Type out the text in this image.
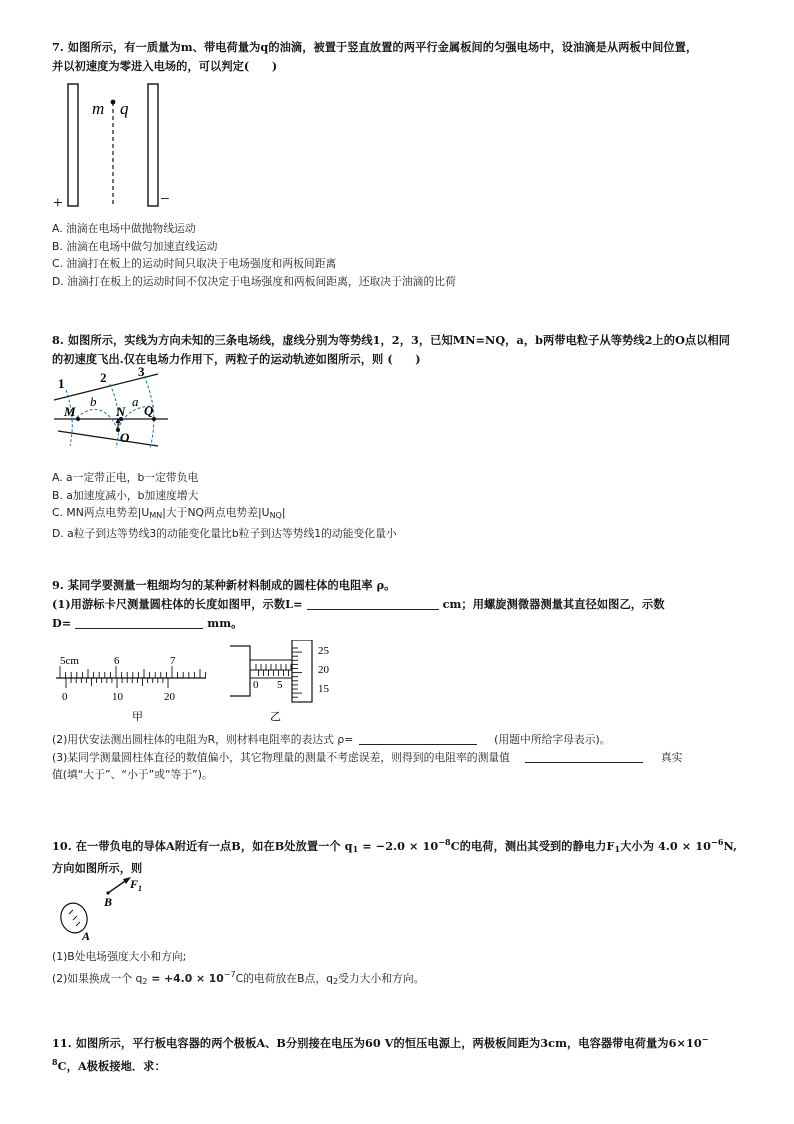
7. 如图所示，有一质量为m、带电荷量为q的油滴，被置于竖直放置的两平行金属板间的匀强电场中，设油滴是从两板中间位置，
并以初速度为零进入电场的，可以判定(　　)
m q
+	−
A. 油滴在电场中做抛物线运动
B. 油滴在电场中做匀加速直线运动
C. 油滴打在板上的运动时间只取决于电场强度和两板间距离
D. 油滴打在板上的运动时间不仅决定于电场强度和两板间距离，还取决于油滴的比荷
8. 如图所示，实线为方向未知的三条电场线，虚线分别为等势线1，2，3，已知MN=NQ，a，b两带电粒子从等势线2上的O点以相同
的初速度飞出.仅在电场力作用下，两粒子的运动轨迹如图所示，则 (　　)
1	2 3
M	N Q
O
a
b
A. a一定带正电，b一定带负电
B. a加速度减小，b加速度增大
C. MN两点电势差$|U_{MN}|$大于NQ两点电势差$|U_{NQ}|$
D. a粒子到达等势线3的动能变化量比b粒子到达等势线1的动能变化量小
9. 某同学要测量一粗细均匀的某种新材料制成的圆柱体的电阻率 ρ。
(1)用游标卡尺测量圆柱体的长度如图甲，示数L=	cm；用螺旋测微器测量其直径如图乙，示数
D=	mm。
5cm	6	7
0	10	20
甲
25
20
15
0 5
乙
(2)用伏安法测出圆柱体的电阻为R，则材料电阻率的表达式 ρ=	(用题中所给字母表示)。
(3)某同学测量圆柱体直径的数值偏小，其它物理量的测量不考虑误差，则得到的电阻率的测量值	真实
值(填“大于”、“小于”或“等于”)。
10. 在一带负电的导体A附近有一点B，如在B处放置一个 $q_1 = -2.0 \times 10^{-8}C$的电荷，测出其受到的静电力$F_1$大小为 $4.0 \times 10^{-6}N$,
方向如图所示，则
A
B
$F_1$
(1)B处电场强度大小和方向;
(2)如果换成一个 $q_2 = +4.0 \times 10^{-7}C$的电荷放在B点，$q_2$受力大小和方向。
11. 如图所示，平行板电容器的两个极板A、B分别接在电压为60 V的恒压电源上，两极板间距为3cm，电容器带电荷量为6×10−
$^8$C，A极板接地．求：
